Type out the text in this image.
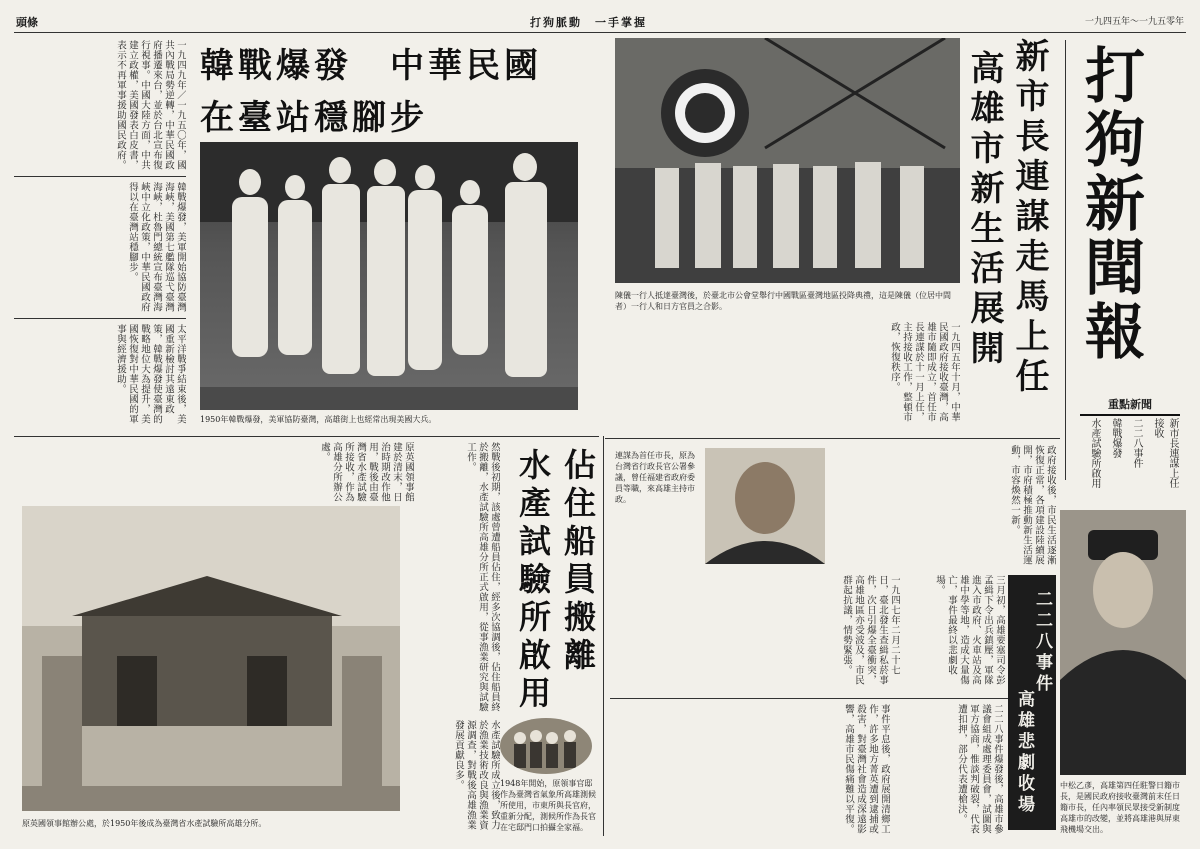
頭條	打狗脈動　一手掌握	一九四五年～一九五零年
一九四九年／一九五〇年，國共內戰局勢逆轉，中華民國政府播遷來台，並於台北宣布復行視事。中國大陸方面，中共建立政權，美國發表白皮書，表示不再軍事援助國民政府。
韓戰爆發，美軍開始協防臺灣海峽，美國第七艦隊巡弋臺灣海峽，杜魯門總統宣布臺灣海峽中立化政策，中華民國政府得以在臺灣站穩腳步。
太平洋戰爭結束後，美國重新檢討其遠東政策，韓戰爆發使臺灣的戰略地位大為提升，美國恢復對中華民國的軍事與經濟援助。
韓戰爆發　中華民國
在臺站穩腳步
1950年韓戰爆發，美軍協防臺灣，高雄街上也經常出現美國大兵。
陳儀一行人抵達臺灣後，於臺北市公會堂舉行中國戰區臺灣地區投降典禮，這是陳儀（位居中間者）一行人和日方官員之合影。	新市長連謀走馬上任
高雄市新生活展開
一九四五年十月，中華民國政府接收臺灣，高雄市隨即成立，首任市長連謀於十一月上任，主持接收工作，整頓市政，恢復秩序。	打狗新聞報
重點新聞
新市長連謀上任接收
二二八事件
韓戰爆發
水產試驗所啟用
政府接收後，市民生活逐漸恢復正常，各項建設陸續展開，市府積極推動新生活運動，市容煥然一新。
連謀為首任市長，原為台灣省行政長官公署參議，曾任福建省政府委員等職，來高雄主持市政。
原英國領事館建於清末，日治時期改作他用，戰後由臺灣省水產試驗所接收，作為高雄分所辦公處。
原英國領事館辦公處，於1950年後成為臺灣省水產試驗所高雄分所。
然戰後初期，該處曾遭船員佔住，經多次協調後，佔住船員終於搬離，水產試驗所高雄分所正式啟用，從事漁業研究與試驗工作。
水產試驗所成立後，致力於漁業技術改良與漁業資源調查，對戰後高雄漁業發展貢獻良多。
佔住船員搬離
水產試驗所啟用
1948年開始，原領事官邸作為臺灣省氣象所高雄測候所使用，市東所與長官府，重新分配，測候所作為長官在宅邸門口拍攝全家福。
一九四七年二月二十七日，臺北發生查緝私菸事件，次日引爆全臺衝突，高雄地區亦受波及，市民群起抗議，情勢緊張。	三月初，高雄要塞司令彭孟緝下令出兵鎮壓，軍隊進入市政府、火車站及高雄中學等地，造成大量傷亡，事件最終以悲劇收場。
事件平息後，政府展開清鄉工作，許多地方菁英遭到逮捕或殺害，對臺灣社會造成深遠影響，高雄市民傷痛難以平復。	二二八事件爆發後，高雄市參議會組成處理委員會，試圖與軍方協商，惟談判破裂，代表遭扣押，部分代表遭槍決。
二二八事件
高雄悲劇收場	中松乙彥，高雄第四任駐警日籍市長，是國民政府接收臺灣前末任日籍市長，任內率領民眾接受新制度高雄市的改變，並將高雄港與屏東飛機場交出。
